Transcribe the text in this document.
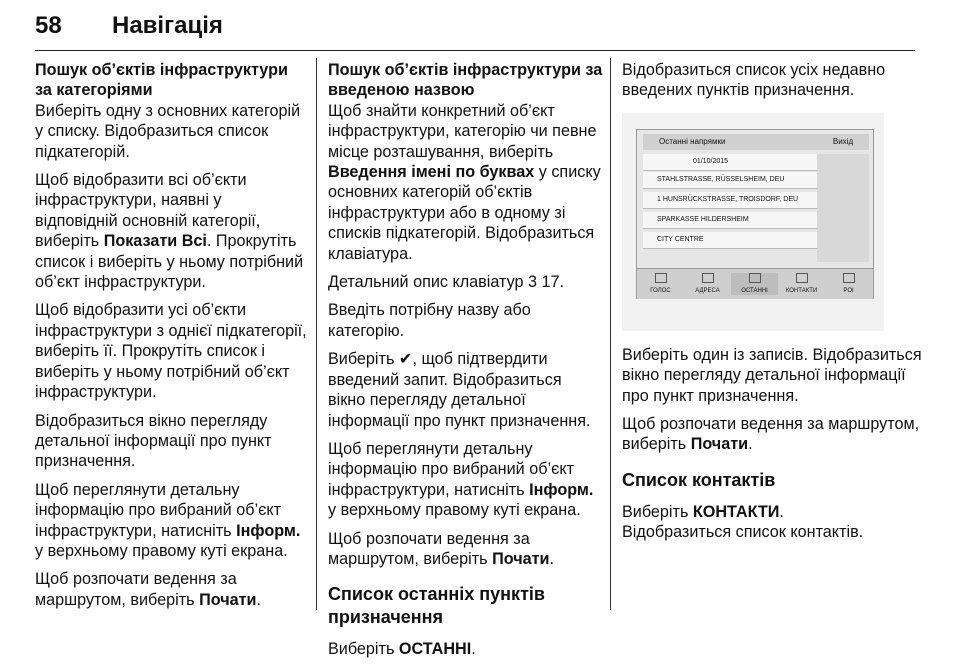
58 Навігація

Пошук об’єктів інфраструктури за категоріями

Виберіть одну з основних категорій у списку. Відобразиться список підкатегорій.

Щоб відобразити всі об’єкти інфраструктури, наявні у відповідній основній категорії, виберіть Показати Всі. Прокрутіть список і виберіть у ньому потрібний об’єкт інфраструктури.

Щоб відобразити усі об’єкти інфраструктури з однієї підкатегорії, виберіть її. Прокрутіть список і виберіть у ньому потрібний об’єкт інфраструктури.

Відобразиться вікно перегляду детальної інформації про пункт призначення.

Щоб переглянути детальну інформацію про вибраний об’єкт інфраструктури, натисніть Інформ. у верхньому правому куті екрана.

Щоб розпочати ведення за маршрутом, виберіть Почати.

Пошук об’єктів інфраструктури за введеною назвою

Щоб знайти конкретний об’єкт інфраструктури, категорію чи певне місце розташування, виберіть Введення імені по буквах у списку основних категорій об’єктів інфраструктури або в одному зі списків підкатегорій. Відобразиться клавіатура.

Детальний опис клавіатур 3 17.

Введіть потрібну назву або категорію.

Виберіть ✔, щоб підтвердити введений запит. Відобразиться вікно перегляду детальної інформації про пункт призначення.

Щоб переглянути детальну інформацію про вибраний об’єкт інфраструктури, натисніть Інформ. у верхньому правому куті екрана.

Щоб розпочати ведення за маршрутом, виберіть Почати.

Список останніх пунктів призначення

Виберіть ОСТАННІ.

Відобразиться список усіх недавно введених пунктів призначення.

Останні напрямки	Вихід
01/10/2015
STAHLSTRASSE, RÜSSELSHEIM, DEU
1 HUNSRÜCKSTRASSE, TROISDORF, DEU
SPARKASSE HILDERSHEIM
CITY CENTRE
ГОЛОС	АДРЕСА	ОСТАННІ	КОНТАКТИ	POI

Виберіть один із записів. Відобразиться вікно перегляду детальної інформації про пункт призначення.

Щоб розпочати ведення за маршрутом, виберіть Почати.

Список контактів

Виберіть КОНТАКТИ.

Відобразиться список контактів.
